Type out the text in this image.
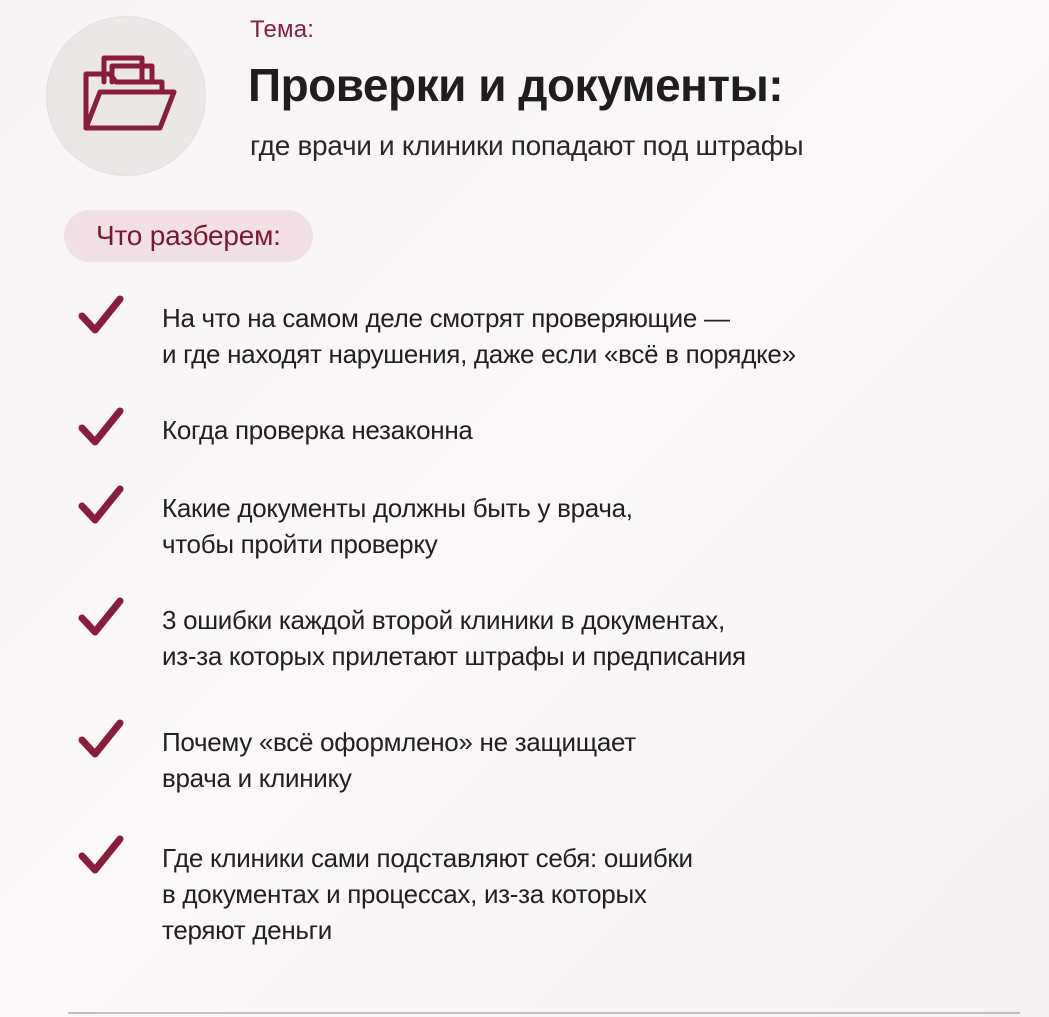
Тема:
Проверки и документы:
где врачи и клиники попадают под штрафы
Что разберем:
На что на самом деле смотрят проверяющие —
и где находят нарушения, даже если «всё в порядке»
Когда проверка незаконна
Какие документы должны быть у врача,
чтобы пройти проверку
3 ошибки каждой второй клиники в документах,
из-за которых прилетают штрафы и предписания
Почему «всё оформлено» не защищает
врача и клинику
Где клиники сами подставляют себя: ошибки
в документах и процессах, из-за которых
теряют деньги
